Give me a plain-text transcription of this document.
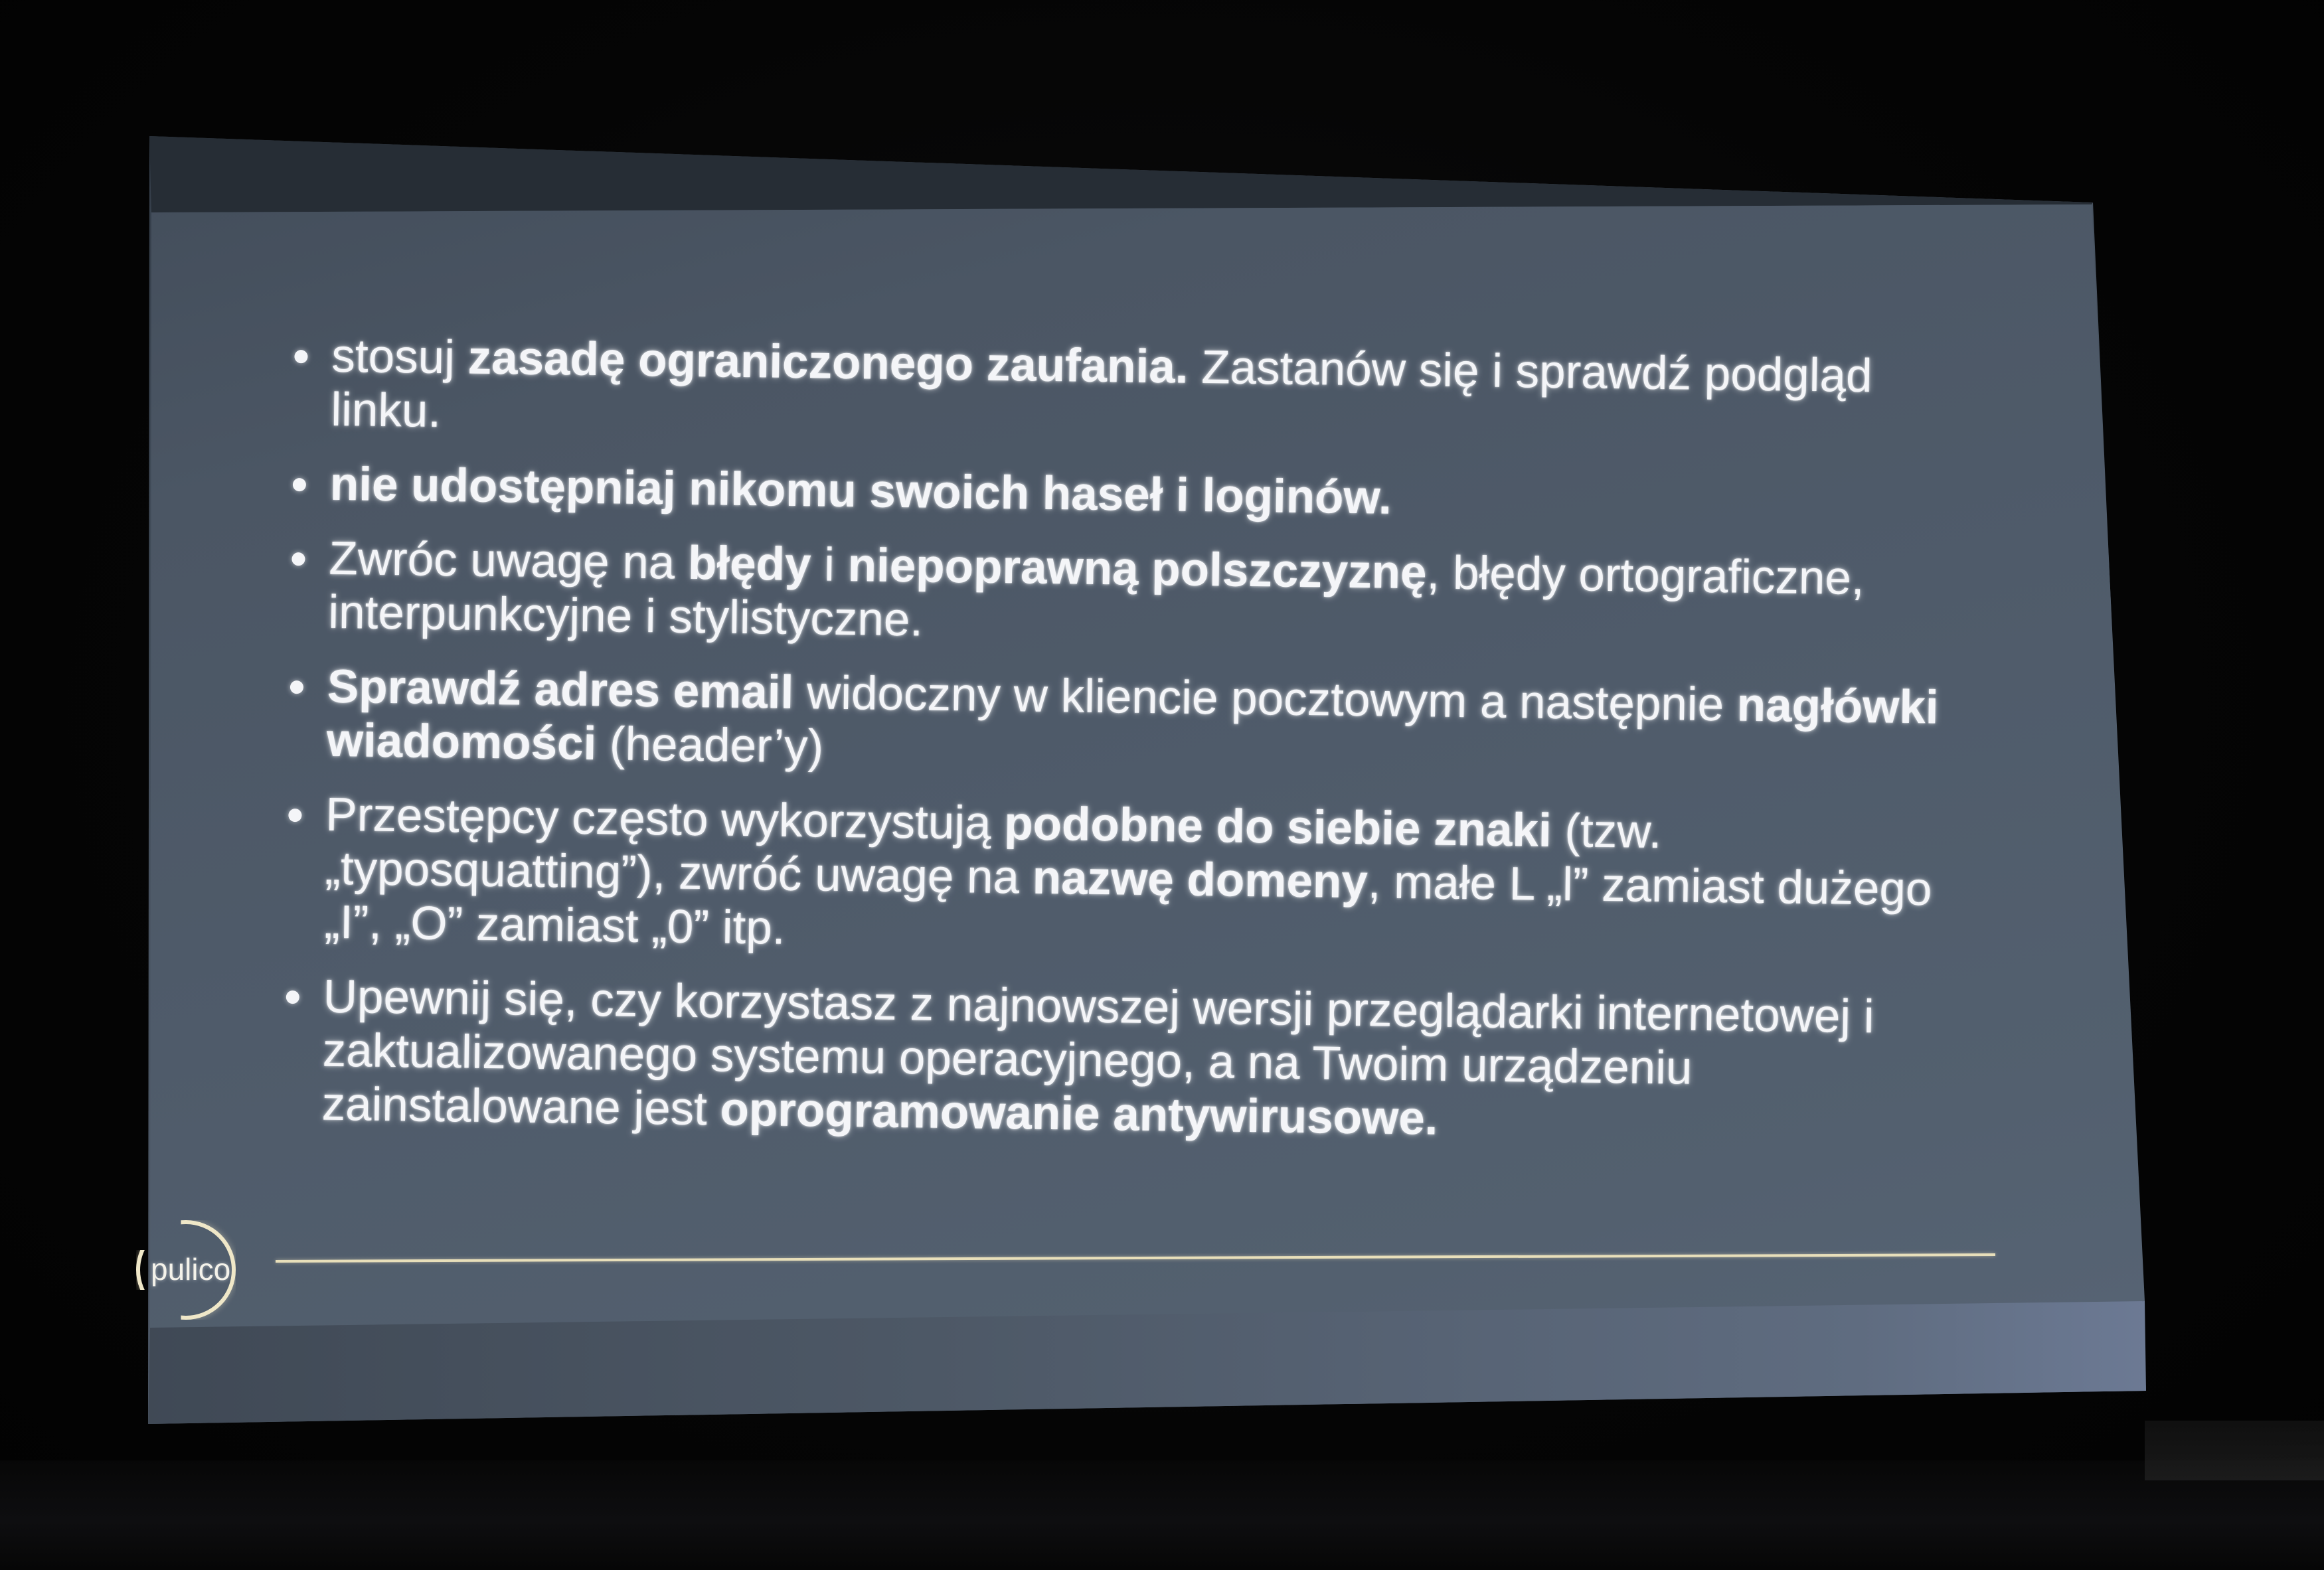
stosuj zasadę ograniczonego zaufania. Zastanów się i sprawdź podgląd linku.
nie udostępniaj nikomu swoich haseł i loginów.
Zwróc uwagę na błędy i niepoprawną polszczyznę, błędy ortograficzne, interpunkcyjne i stylistyczne.
Sprawdź adres email widoczny w kliencie pocztowym a następnie nagłówki wiadomości (header’y)
Przestępcy często wykorzystują podobne do siebie znaki (tzw. „typosquatting”), zwróć uwagę na nazwę domeny, małe L „l” zamiast dużego „I”, „O” zamiast „0” itp.
Upewnij się, czy korzystasz z najnowszej wersji przeglądarki internetowej i zaktualizowanego systemu operacyjnego, a na Twoim urządzeniu zainstalowane jest oprogramowanie antywirusowe.
pulico
